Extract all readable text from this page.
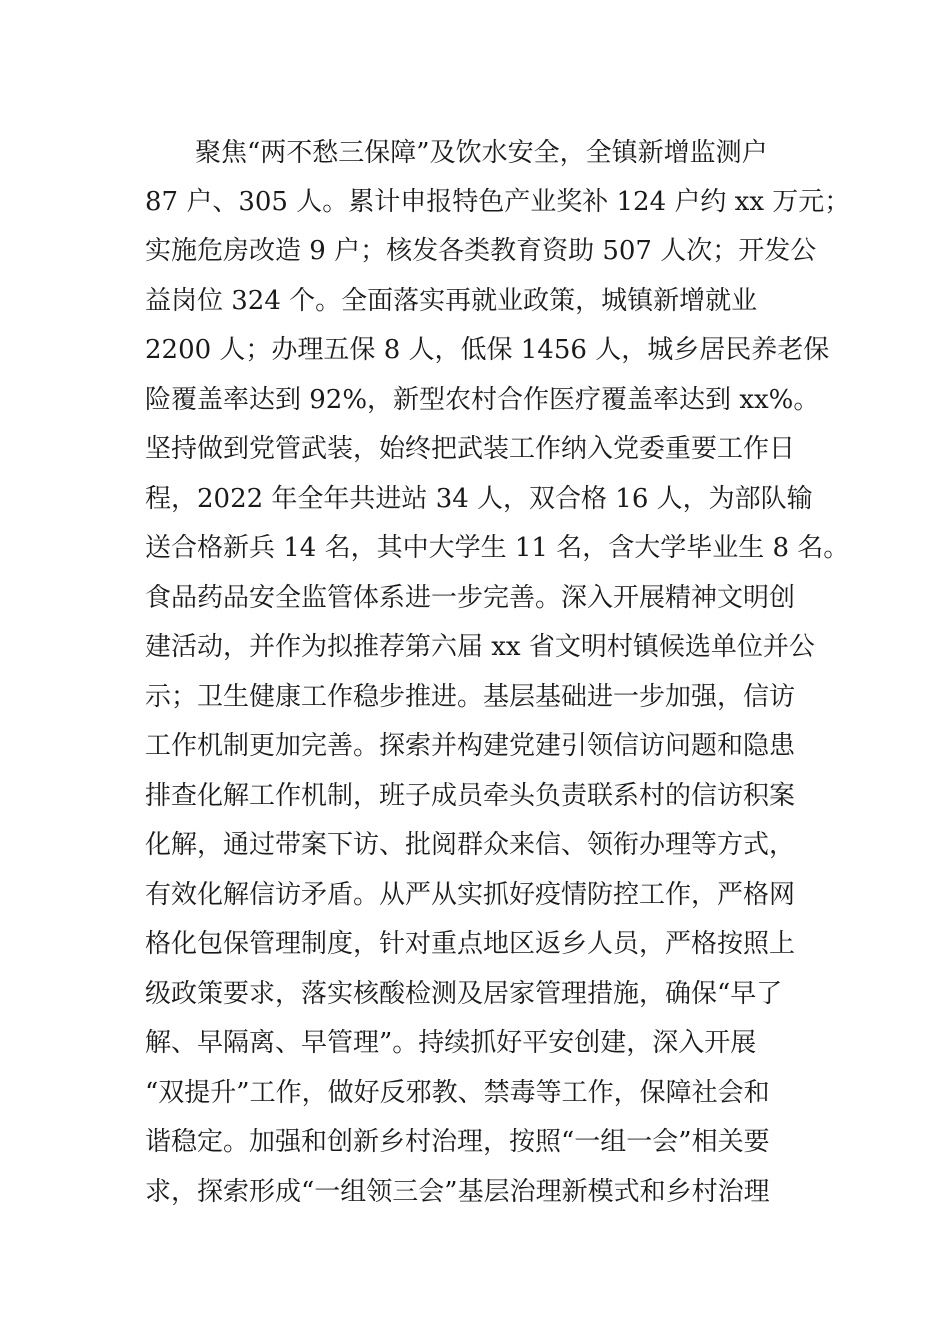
聚焦“两不愁三保障”及饮水安全，全镇新增监测户
87 户、305 人。累计申报特色产业奖补 124 户约 xx 万元；
实施危房改造 9 户；核发各类教育资助 507 人次；开发公
益岗位 324 个。全面落实再就业政策，城镇新增就业
2200 人；办理五保 8 人，低保 1456 人，城乡居民养老保
险覆盖率达到 92%，新型农村合作医疗覆盖率达到 xx%。
坚持做到党管武装，始终把武装工作纳入党委重要工作日
程，2022 年全年共进站 34 人，双合格 16 人，为部队输
送合格新兵 14 名，其中大学生 11 名，含大学毕业生 8 名。
食品药品安全监管体系进一步完善。深入开展精神文明创
建活动，并作为拟推荐第六届 xx 省文明村镇候选单位并公
示；卫生健康工作稳步推进。基层基础进一步加强，信访
工作机制更加完善。探索并构建党建引领信访问题和隐患
排查化解工作机制，班子成员牵头负责联系村的信访积案
化解，通过带案下访、批阅群众来信、领衔办理等方式，
有效化解信访矛盾。从严从实抓好疫情防控工作，严格网
格化包保管理制度，针对重点地区返乡人员，严格按照上
级政策要求，落实核酸检测及居家管理措施，确保“早了
解、早隔离、早管理”。持续抓好平安创建，深入开展
“双提升”工作，做好反邪教、禁毒等工作，保障社会和
谐稳定。加强和创新乡村治理，按照“一组一会”相关要
求，探索形成“一组领三会”基层治理新模式和乡村治理
